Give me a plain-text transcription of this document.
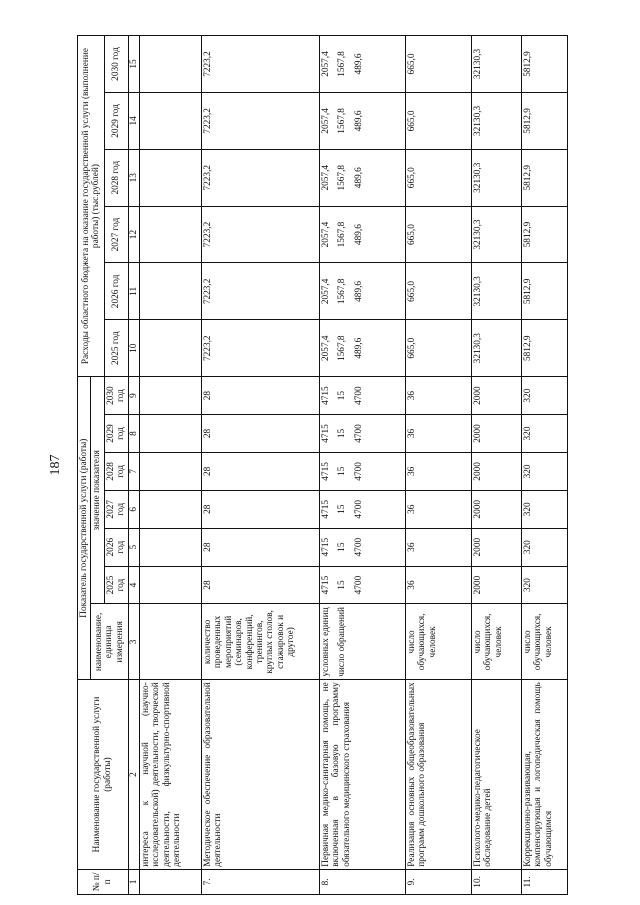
187
№ п/п	Наименование государственной услуги (работы)	Показатель государственной услуги (работы)							Расходы областного бюджета на оказание государственной услуги (выполнение работы) (тыс.рублей)					
		наименование, единица измерения	значение показателя											
			2025 год	2026 год	2027 год	2028 год	2029 год	2030 год	2025 год	2026 год	2027 год	2028 год	2029 год	2030 год
1	2	3	4	5	6	7	8	9	10	11	12	13	14	15
	интереса к научной (научно-исследовательской) деятельности, творческой деятельности, физкультурно-спортивной деятельности		

7.	Методическое обеспечение образовательной деятельности	количество проведенных мероприятий (семинаров, конференций, тренингов, круглых столов, стажировок и другое)	28	28	28	28	28	28	7223,2	7223,2	7223,2	7223,2	7223,2	7223,2
8.	Первичная медико-санитарная помощь, не включенная в базовую программу обязательного медицинского страхования	условных единиц число обращений	4715 15 4700	4715 15 4700	4715 15 4700	4715 15 4700	4715 15 4700	4715 15 4700	2057,4 1567,8 489,6	2057,4 1567,8 489,6	2057,4 1567,8 489,6	2057,4 1567,8 489,6	2057,4 1567,8 489,6	2057,4 1567,8 489,6

9.	Реализация основных общеобразовательных программ дошкольного образования	число обучающихся, человек	36	36	36	36	36	36	665,0	665,0	665,0	665,0	665,0	665,0
10.	Психолого-медико-педагогическое обследование детей	число обучающихся, человек	2000	2000	2000	2000	2000	2000	32130,3	32130,3	32130,3	32130,3	32130,3	32130,3
11.	Коррекционно-развивающая, компенсирующая и логопедическая помощь обучающимся	число обучающихся, человек	320	320	320	320	320	320	5812,9	5812,9	5812,9	5812,9	5812,9	5812,9
